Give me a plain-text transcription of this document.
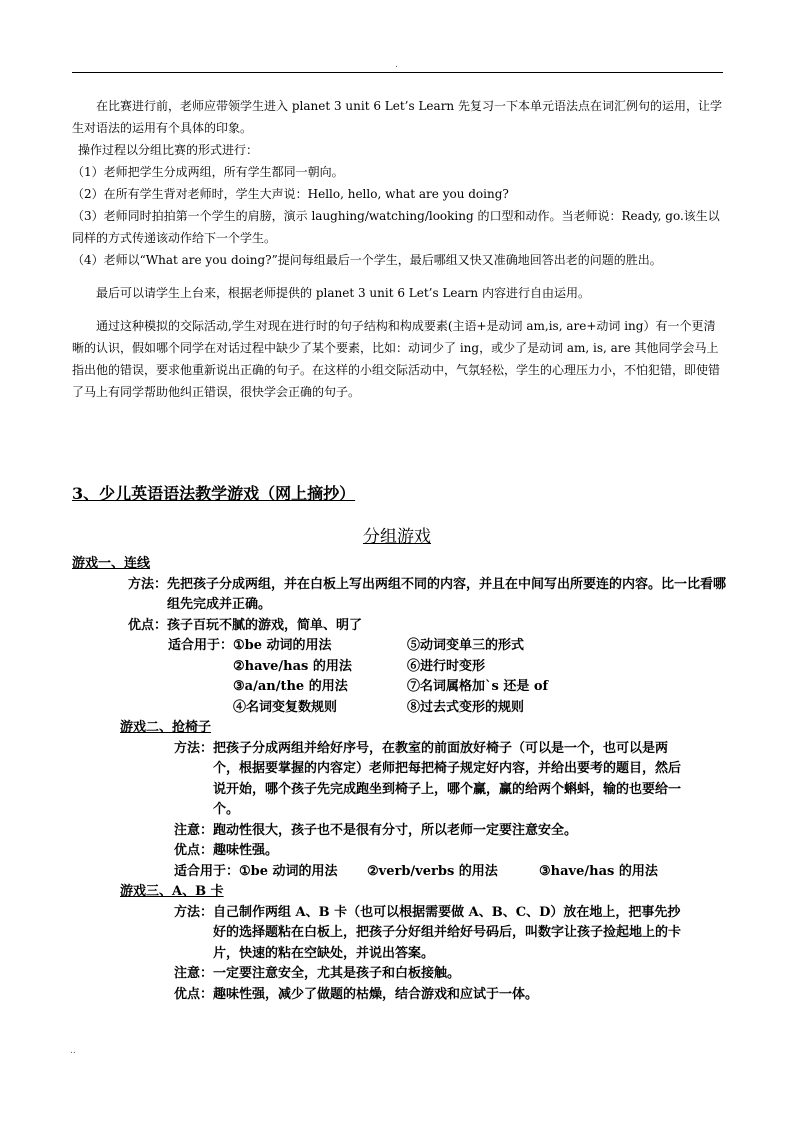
.

在比赛进行前，老师应带领学生进入 planet 3 unit 6 Let’s Learn 先复习一下本单元语法点在词汇例句的运用，让学生对语法的运用有个具体的印象。

操作过程以分组比赛的形式进行：

（1）老师把学生分成两组，所有学生都同一朝向。

（2）在所有学生背对老师时，学生大声说：Hello, hello, what are you doing?

（3）老师同时拍拍第一个学生的肩膀，演示 laughing/watching/looking 的口型和动作。当老师说：Ready, go.该生以同样的方式传递该动作给下一个学生。

（4）老师以“What are you doing?”提问每组最后一个学生，最后哪组又快又准确地回答出老的问题的胜出。

最后可以请学生上台来，根据老师提供的 planet 3 unit 6 Let’s Learn 内容进行自由运用。

通过这种模拟的交际活动,学生对现在进行时的句子结构和构成要素(主语+是动词 am,is, are+动词 ing）有一个更清晰的认识，假如哪个同学在对话过程中缺少了某个要素，比如：动词少了 ing，或少了是动词 am, is, are 其他同学会马上指出他的错误，要求他重新说出正确的句子。在这样的小组交际活动中，气氛轻松，学生的心理压力小，不怕犯错，即使错了马上有同学帮助他纠正错误，很快学会正确的句子。

3、少儿英语语法教学游戏（网上摘抄）
分组游戏
游戏一、连线
方法： 先把孩子分成两组，并在白板上写出两组不同的内容，并且在中间写出所要连的内容。比一比看哪组先完成并正确。
优点： 孩子百玩不腻的游戏，简单、明了
适合用于： ①be 动词的用法	⑤动词变单三的形式
②have/has 的用法	⑥进行时变形
③a/an/the 的用法	⑦名词属格加`s 还是 of
④名词变复数规则	⑧过去式变形的规则
游戏二、抢椅子
方法： 把孩子分成两组并给好序号，在教室的前面放好椅子（可以是一个，也可以是两个，根据要掌握的内容定）老师把每把椅子规定好内容，并给出要考的题目，然后说开始，哪个孩子先完成跑坐到椅子上，哪个赢，赢的给两个蝌蚪，输的也要给一个。
注意： 跑动性很大，孩子也不是很有分寸，所以老师一定要注意安全。
优点： 趣味性强。
适合用于： ①be 动词的用法	②verb/verbs 的用法	③have/has 的用法
游戏三、A、B 卡
方法： 自己制作两组 A、B 卡（也可以根据需要做 A、B、C、D）放在地上，把事先抄好的选择题粘在白板上，把孩子分好组并给好号码后，叫数字让孩子捡起地上的卡片，快速的粘在空缺处，并说出答案。
注意： 一定要注意安全，尤其是孩子和白板接触。
优点： 趣味性强，减少了做题的枯燥，结合游戏和应试于一体。
..
